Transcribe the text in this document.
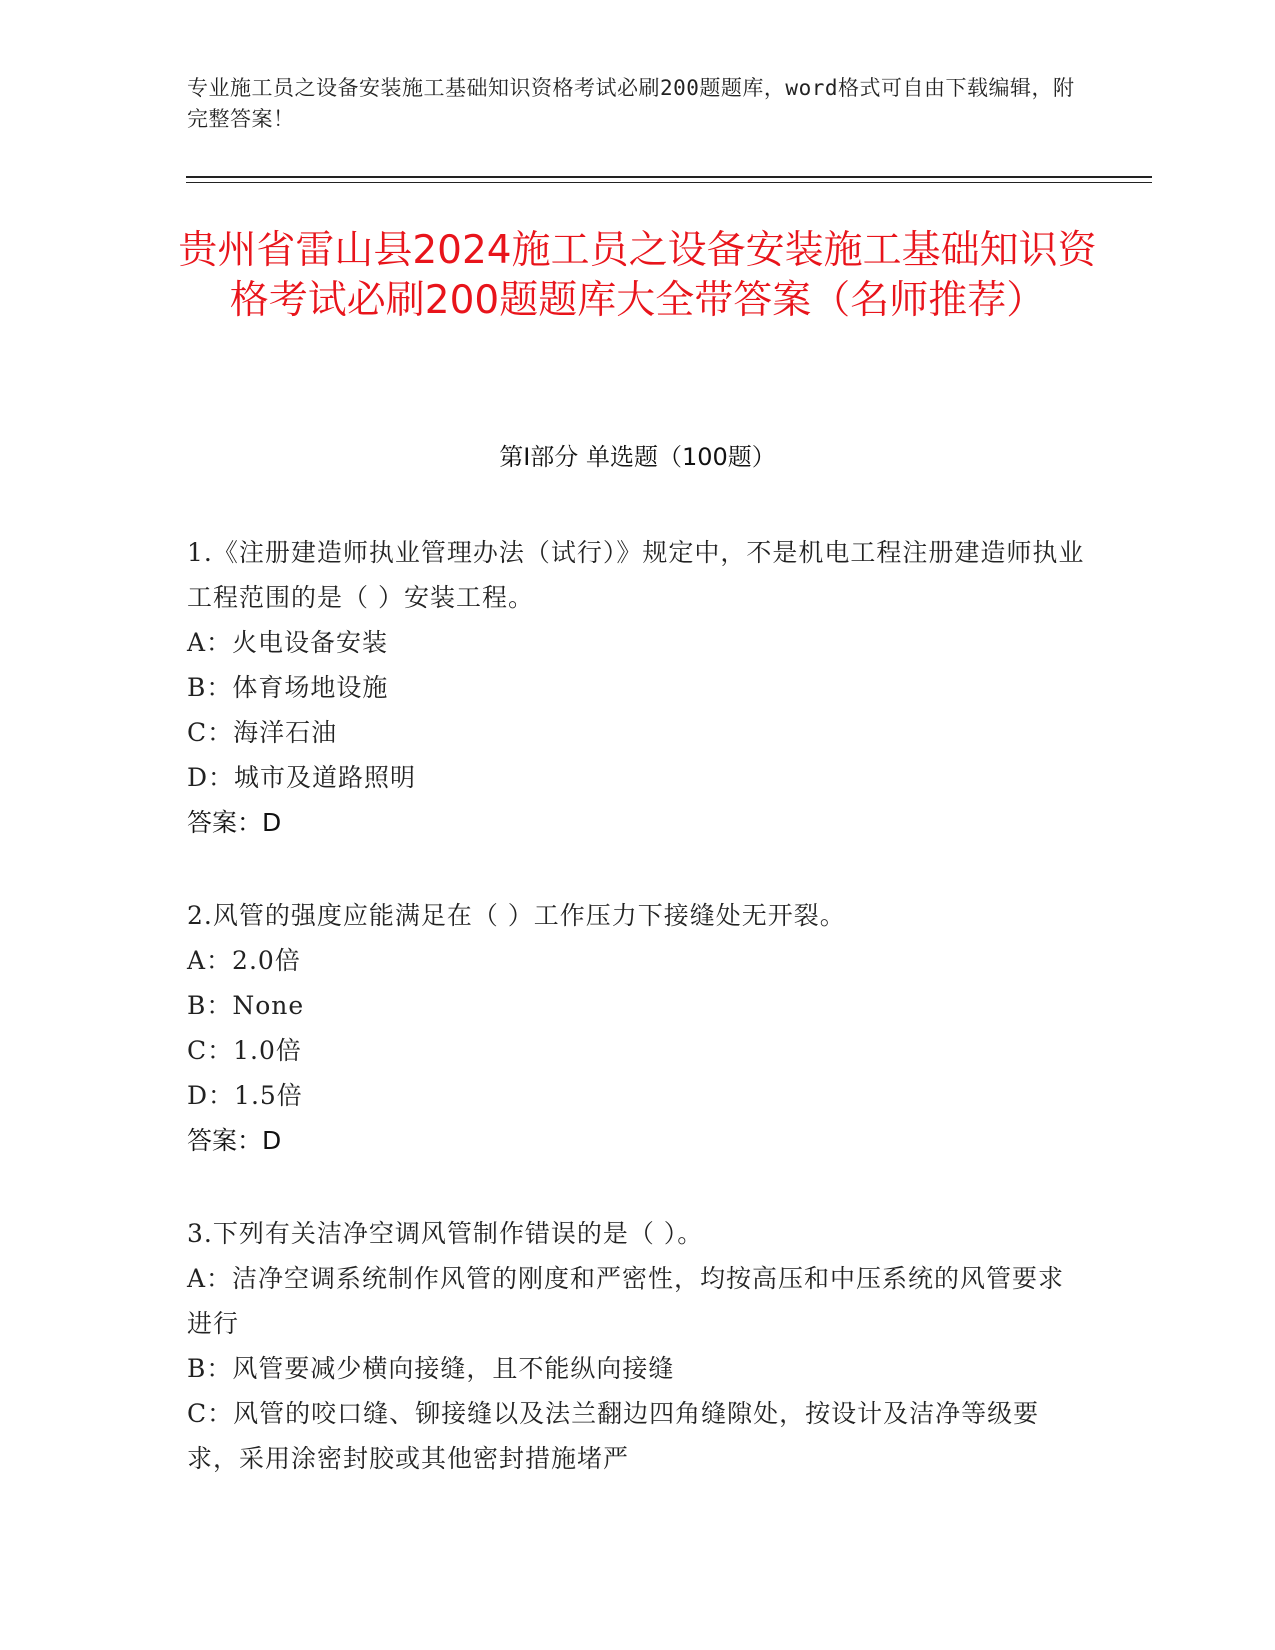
专业施工员之设备安装施工基础知识资格考试必刷200题题库，word格式可自由下载编辑，附完整答案！
贵州省雷山县2024施工员之设备安装施工基础知识资格考试必刷200题题库大全带答案（名师推荐）
第Ⅰ部分 单选题（100题）
1.《注册建造师执业管理办法（试行）》规定中，不是机电工程注册建造师执业工程范围的是（ ）安装工程。
A：火电设备安装
B：体育场地设施
C：海洋石油
D：城市及道路照明
答案：D
2.风管的强度应能满足在（ ）工作压力下接缝处无开裂。
A：2.0倍
B：None
C：1.0倍
D：1.5倍
答案：D
3.下列有关洁净空调风管制作错误的是（ ）。
A：洁净空调系统制作风管的刚度和严密性，均按高压和中压系统的风管要求进行
B：风管要减少横向接缝，且不能纵向接缝
C：风管的咬口缝、铆接缝以及法兰翻边四角缝隙处，按设计及洁净等级要求，采用涂密封胶或其他密封措施堵严
